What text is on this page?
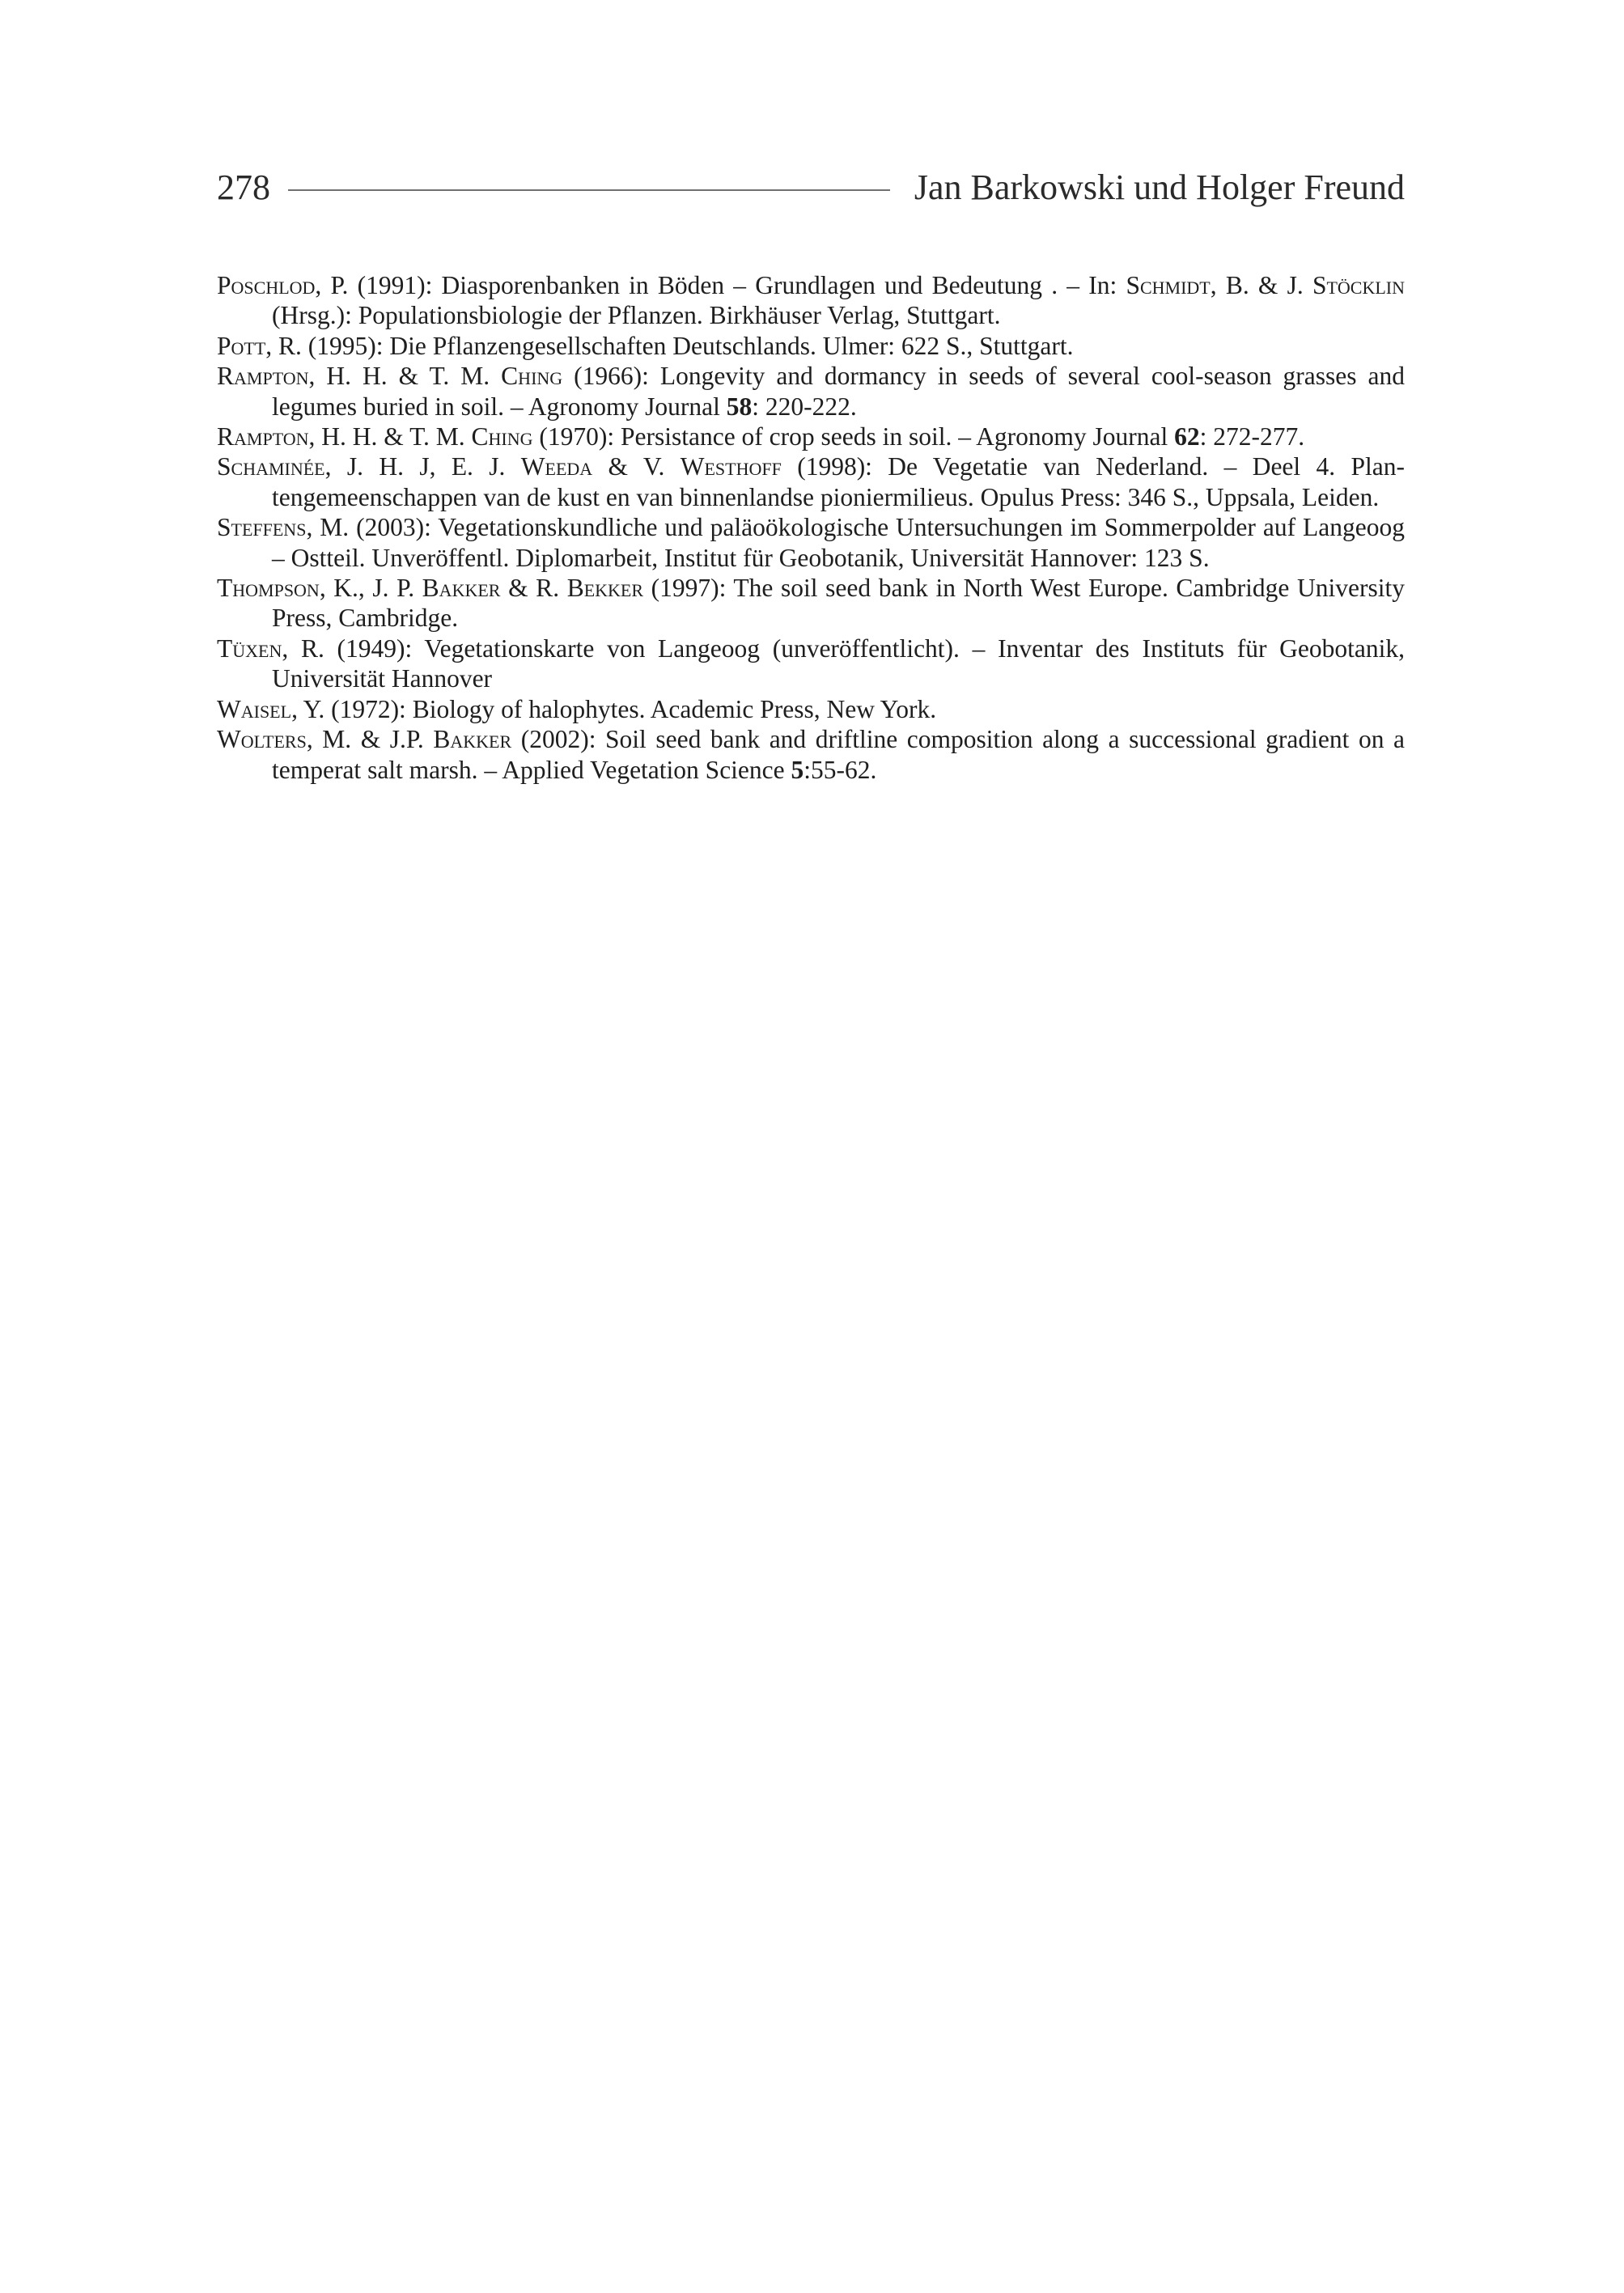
278	Jan Barkowski und Holger Freund
Poschlod, P. (1991): Diasporenbanken in Böden – Grundlagen und Bedeutung . – In: Schmidt, B. & J. Stöcklin (Hrsg.): Populationsbiologie der Pflanzen. Birkhäuser Verlag, Stuttgart.
Pott, R. (1995): Die Pflanzengesellschaften Deutschlands. Ulmer: 622 S., Stuttgart.
Rampton, H. H. & T. M. Ching (1966): Longevity and dormancy in seeds of several cool-season grasses and legumes buried in soil. – Agronomy Journal 58: 220-222.
Rampton, H. H. & T. M. Ching (1970): Persistance of crop seeds in soil. – Agronomy Journal 62: 272-277.
Schaminée, J. H. J, E. J. Weeda & V. Westhoff (1998): De Vegetatie van Nederland. – Deel 4. Plantengemeenschappen van de kust en van binnenlandse pioniermilieus. Opulus Press: 346 S., Uppsala, Leiden.
Steffens, M. (2003): Vegetationskundliche und paläoökologische Untersuchungen im Sommerpolder auf Langeoog – Ostteil. Unveröffentl. Diplomarbeit, Institut für Geobotanik, Universität Hannover: 123 S.
Thompson, K., J. P. Bakker & R. Bekker (1997): The soil seed bank in North West Europe. Cambridge University Press, Cambridge.
Tüxen, R. (1949): Vegetationskarte von Langeoog (unveröffentlicht). – Inventar des Instituts für Geobotanik, Universität Hannover
Waisel, Y. (1972): Biology of halophytes. Academic Press, New York.
Wolters, M. & J.P. Bakker (2002): Soil seed bank and driftline composition along a successional gradient on a temperat salt marsh. – Applied Vegetation Science 5:55-62.
